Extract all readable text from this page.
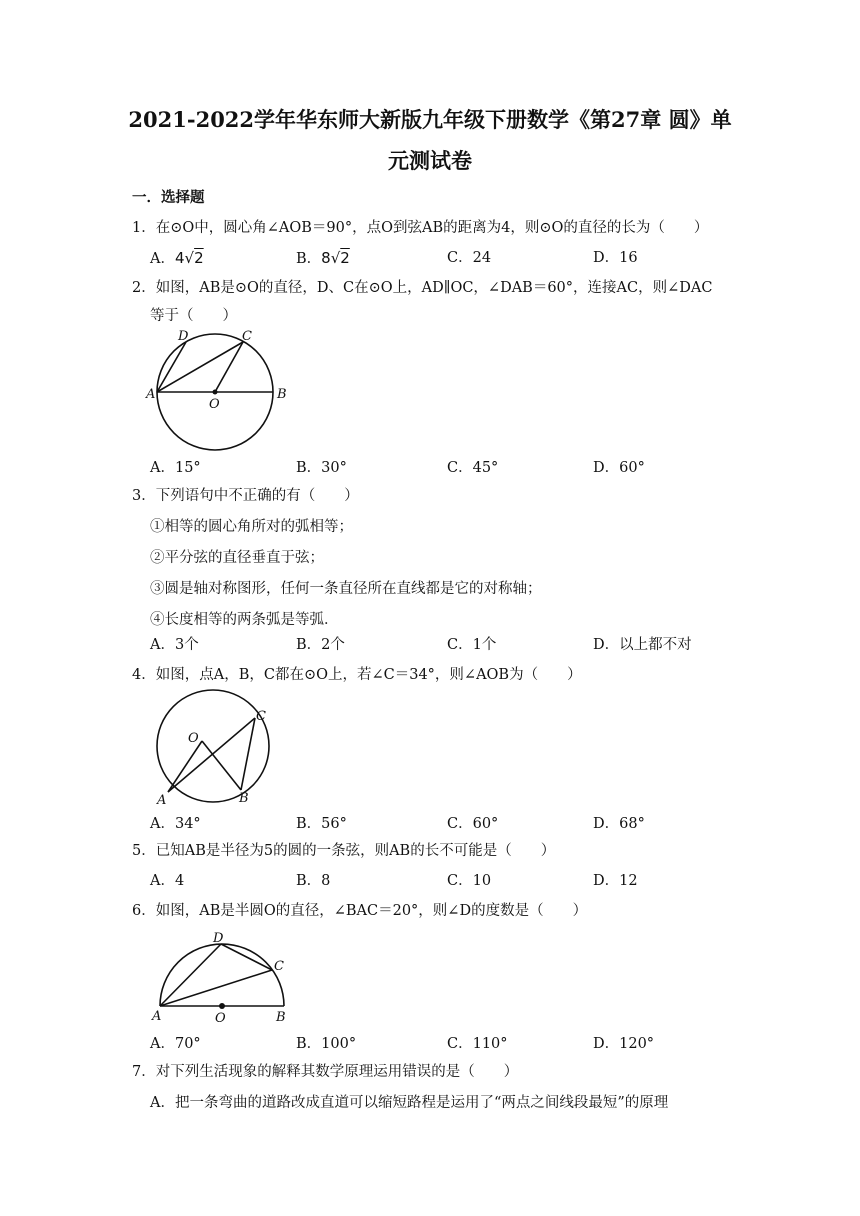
2021-2022学年华东师大新版九年级下册数学《第27章 圆》单
元测试卷
一．选择题
1．在⊙O中，圆心角∠AOB＝90°，点O到弦AB的距离为4，则⊙O的直径的长为（　　）
A．4√2	B．8√2	C．24	D．16
2．如图，AB是⊙O的直径，D、C在⊙O上，AD∥OC，∠DAB＝60°，连接AC，则∠DAC
等于（　　）
A	B
C
D
O
A．15°	B．30°	C．45°	D．60°
3．下列语句中不正确的有（　　）
①相等的圆心角所对的弧相等；
②平分弦的直径垂直于弦；
③圆是轴对称图形，任何一条直径所在直线都是它的对称轴；
④长度相等的两条弧是等弧．
A．3个	B．2个	C．1个	D．以上都不对
4．如图，点A，B，C都在⊙O上，若∠C＝34°，则∠AOB为（　　）
O
A	B
C
A．34°	B．56°	C．60°	D．68°
5．已知AB是半径为5的圆的一条弦，则AB的长不可能是（　　）
A．4	B．8	C．10	D．12
6．如图，AB是半圆O的直径，∠BAC＝20°，则∠D的度数是（　　）
A	B
C
D
O
A．70°	B．100°	C．110°	D．120°
7．对下列生活现象的解释其数学原理运用错误的是（　　）
A．把一条弯曲的道路改成直道可以缩短路程是运用了“两点之间线段最短”的原理
